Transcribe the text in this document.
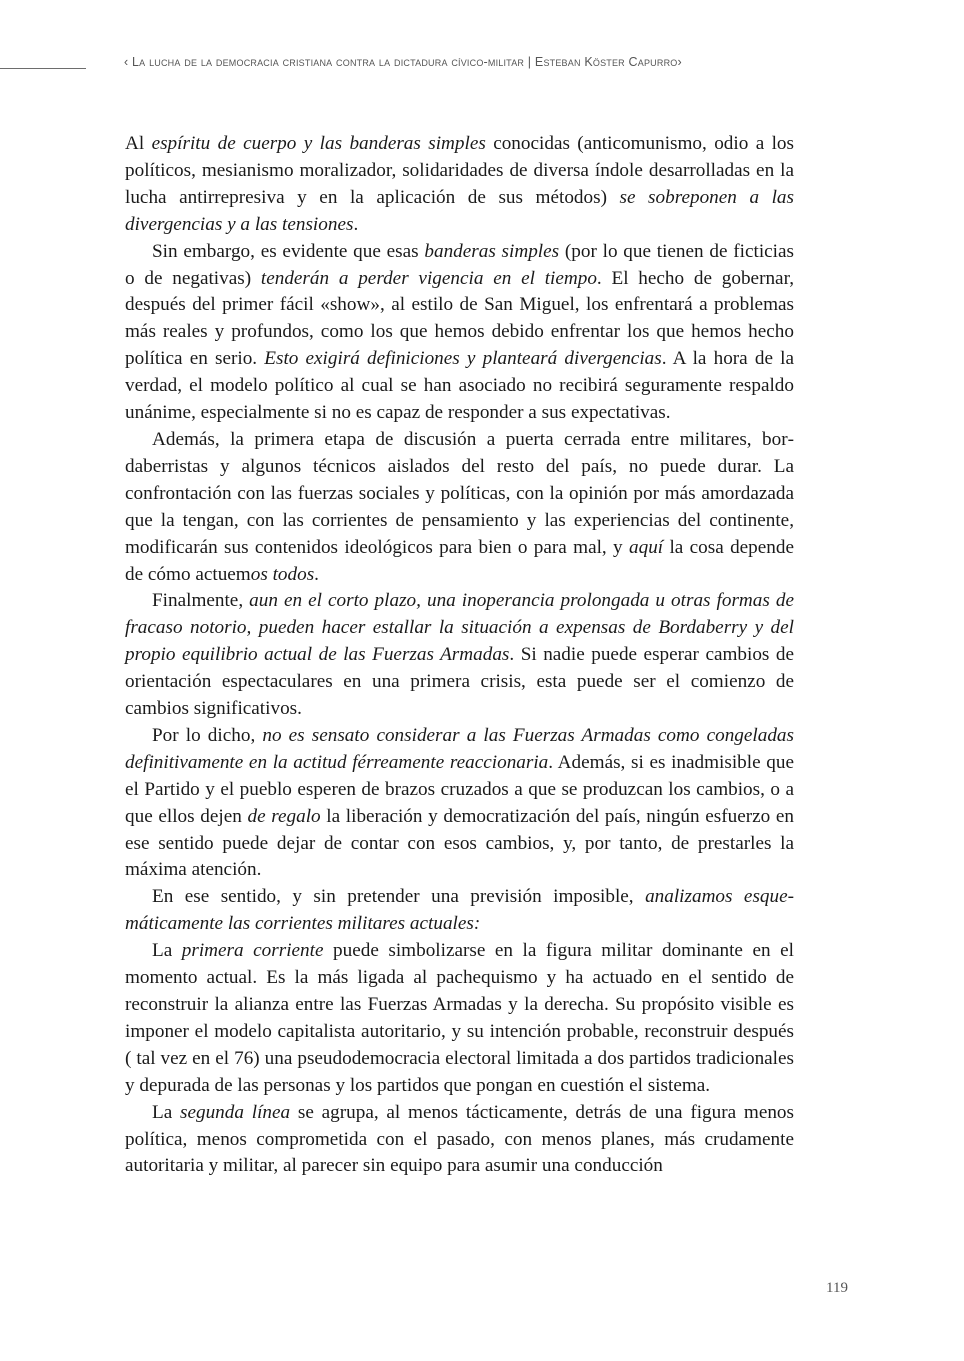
‹ La lucha de la democracia cristiana contra la dictadura cívico-militar | Esteban Köster Capurro›

Al espíritu de cuerpo y las banderas simples conocidas (anticomunismo, odio a los políticos, mesianismo moralizador, solidaridades de diversa índole desarrolladas en la lucha antirrepresiva y en la aplicación de sus métodos) se sobreponen a las divergencias y a las tensiones.

Sin embargo, es evidente que esas banderas simples (por lo que tienen de ficticias o de negativas) tenderán a perder vigencia en el tiempo. El hecho de gobernar, después del primer fácil «show», al estilo de San Miguel, los enfrentará a problemas más reales y profundos, como los que hemos debido enfrentar los que hemos hecho política en serio. Esto exigirá definiciones y planteará divergencias. A la hora de la verdad, el modelo político al cual se han asociado no recibirá seguramente respaldo unánime, especialmente si no es capaz de responder a sus expectativas.

Además, la primera etapa de discusión a puerta cerrada entre militares, bordaberristas y algunos técnicos aislados del resto del país, no puede durar. La confrontación con las fuerzas sociales y políticas, con la opinión por más amordazada que la tengan, con las corrientes de pensamiento y las experiencias del continente, modificarán sus contenidos ideológicos para bien o para mal, y aquí la cosa depende de cómo actuemos todos.

Finalmente, aun en el corto plazo, una inoperancia prolongada u otras formas de fracaso notorio, pueden hacer estallar la situación a expensas de Bordaberry y del propio equilibrio actual de las Fuerzas Armadas. Si nadie puede esperar cambios de orientación espectaculares en una primera crisis, esta puede ser el comienzo de cambios significativos.

Por lo dicho, no es sensato considerar a las Fuerzas Armadas como congeladas definitivamente en la actitud férreamente reaccionaria. Además, si es inadmisible que el Partido y el pueblo esperen de brazos cruzados a que se produzcan los cambios, o a que ellos dejen de regalo la liberación y democratización del país, ningún esfuerzo en ese sentido puede dejar de contar con esos cambios, y, por tanto, de prestarles la máxima atención.

En ese sentido, y sin pretender una previsión imposible, analizamos esquemáticamente las corrientes militares actuales:

La primera corriente puede simbolizarse en la figura militar dominante en el momento actual. Es la más ligada al pachequismo y ha actuado en el sentido de reconstruir la alianza entre las Fuerzas Armadas y la derecha. Su propósito visible es imponer el modelo capitalista autoritario, y su intención probable, reconstruir después ( tal vez en el 76) una pseudodemocracia electoral limitada a dos partidos tradicionales y depurada de las personas y los partidos que pongan en cuestión el sistema.

La segunda línea se agrupa, al menos tácticamente, detrás de una figura menos política, menos comprometida con el pasado, con menos planes, más crudamente autoritaria y militar, al parecer sin equipo para asumir una conducción

119
